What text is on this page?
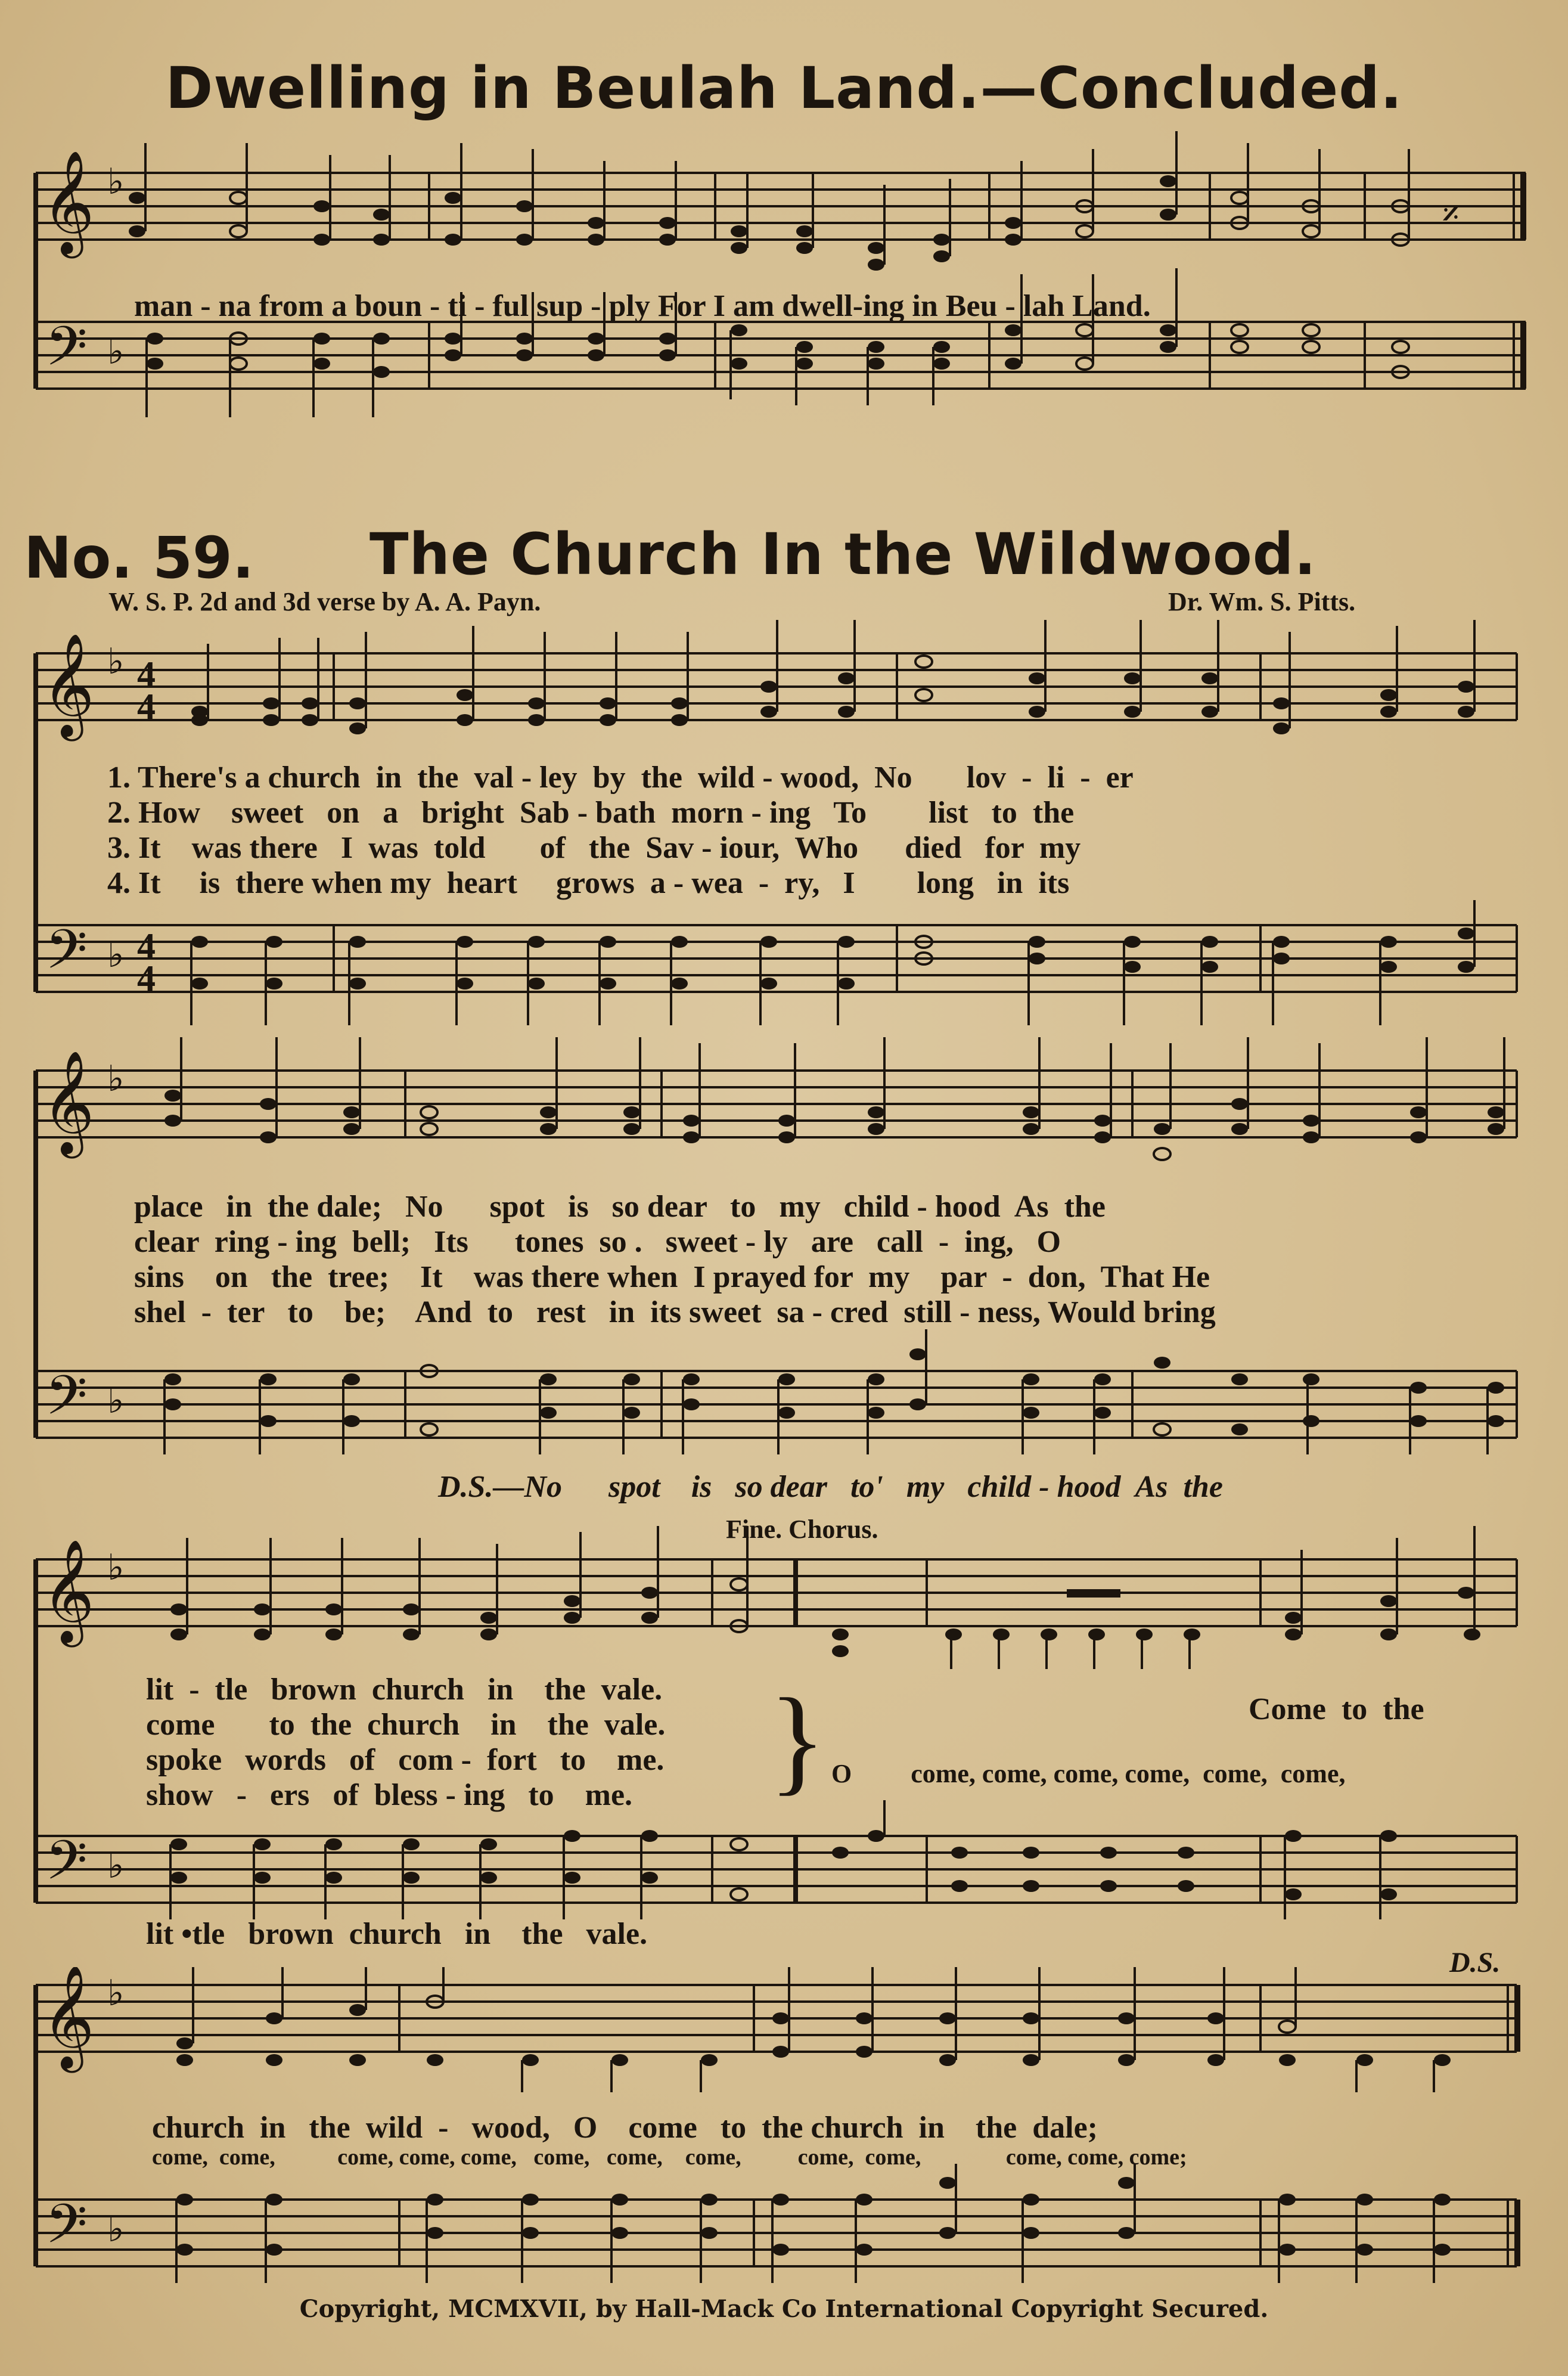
Dwelling in Beulah Land.—Concluded.
𝄞
𝄢
♭
♭
𝄎
man - na from a boun - ti - ful sup - ply For I am dwell-ing in Beu - lah Land.
No. 59.	The Church In the Wildwood.
W. S. P. 2d and 3d verse by A. A. Payn.	Dr. Wm. S. Pitts.
𝄞
𝄢
♭
♭
4
4
4
4
1. There's a church  in  the  val - ley  by  the  wild - wood,  No       lov  -  li  -  er
2. How    sweet   on   a   bright  Sab - bath  morn - ing   To        list   to  the
3. It    was there   I  was  told       of   the  Sav - iour,  Who      died   for  my
4. It     is  there when my  heart     grows  a - wea  -  ry,   I        long   in  its
𝄞
𝄢
♭
♭
place   in  the dale;   No      spot   is   so dear   to   my   child - hood  As  the
clear  ring - ing  bell;   Its      tones  so .   sweet - ly   are   call  -  ing,   O
sins    on   the  tree;    It    was there when  I prayed for  my    par  -  don,  That He
shel  -  ter   to    be;    And  to   rest   in  its sweet  sa - cred  still - ness, Would bring
D.S.—No      spot    is   so dear   to'   my   child - hood  As  the
Fine. Chorus.
𝄞
𝄢
♭
♭
lit  -  tle   brown  church   in    the  vale.
come       to  the  church    in    the  vale.
spoke   words   of   com -  fort   to    me.
show   -   ers   of  bless - ing   to    me. }	Come  to  the
O         come, come, come, come,  come,  come,
lit •tle   brown  church   in    the   vale.
D.S.
𝄞
𝄢
♭
♭
church  in   the  wild  -   wood,   O    come   to  the church  in    the  dale;
come,  come,           come, come, come,   come,   come,    come,          come,  come,               come, come, come;
Copyright, MCMXVII, by Hall-Mack Co International Copyright Secured.
